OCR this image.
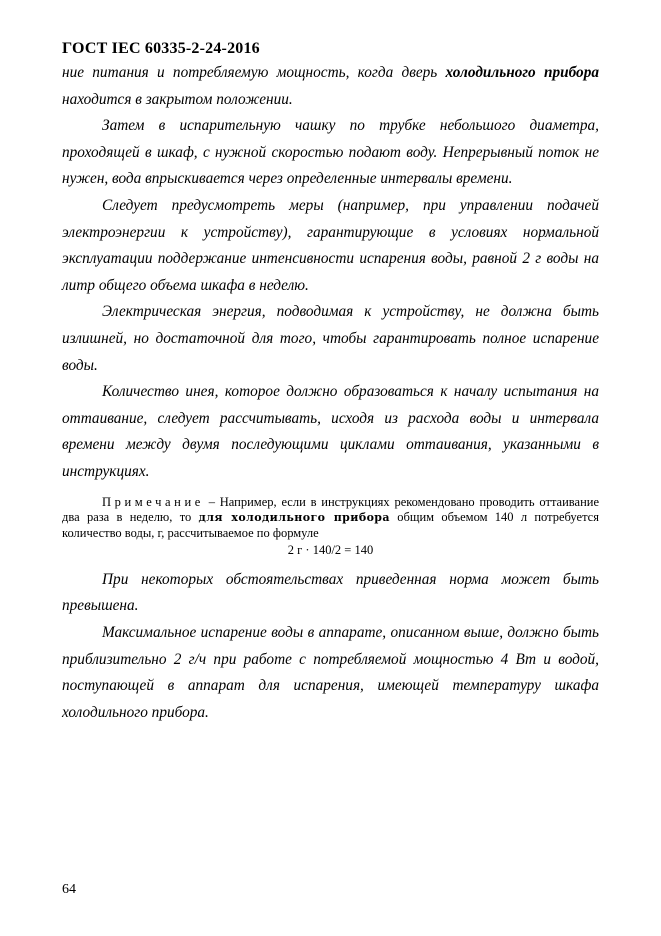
ГОСТ IEC 60335-2-24-2016

ние питания и потребляемую мощность, когда дверь холодильного прибора находится в закрытом положении.

Затем в испарительную чашку по трубке небольшого диаметра, проходящей в шкаф, с нужной скоростью подают воду. Непрерывный поток не нужен, вода впрыскивается через определенные интервалы времени.

Следует предусмотреть меры (например, при управлении подачей электроэнергии к устройству), гарантирующие в условиях нормальной эксплуатации поддержание интенсивности испарения воды, равной 2 г воды на литр общего объема шкафа в неделю.

Электрическая энергия, подводимая к устройству, не должна быть излишней, но достаточной для того, чтобы гарантировать полное испарение воды.

Количество инея, которое должно образоваться к началу испытания на оттаивание, следует рассчитывать, исходя из расхода воды и интервала времени между двумя последующими циклами оттаивания, указанными в инструкциях.

Примечание – Например, если в инструкциях рекомендовано проводить оттаивание два раза в неделю, то для холодильного прибора общим объемом 140 л потребуется количество воды, г, рассчитываемое по формуле
2 г · 140/2 = 140

При некоторых обстоятельствах приведенная норма может быть превышена.

Максимальное испарение воды в аппарате, описанном выше, должно быть приблизительно 2 г/ч при работе с потребляемой мощностью 4 Вт и водой, поступающей в аппарат для испарения, имеющей температуру шкафа холодильного прибора.

64
